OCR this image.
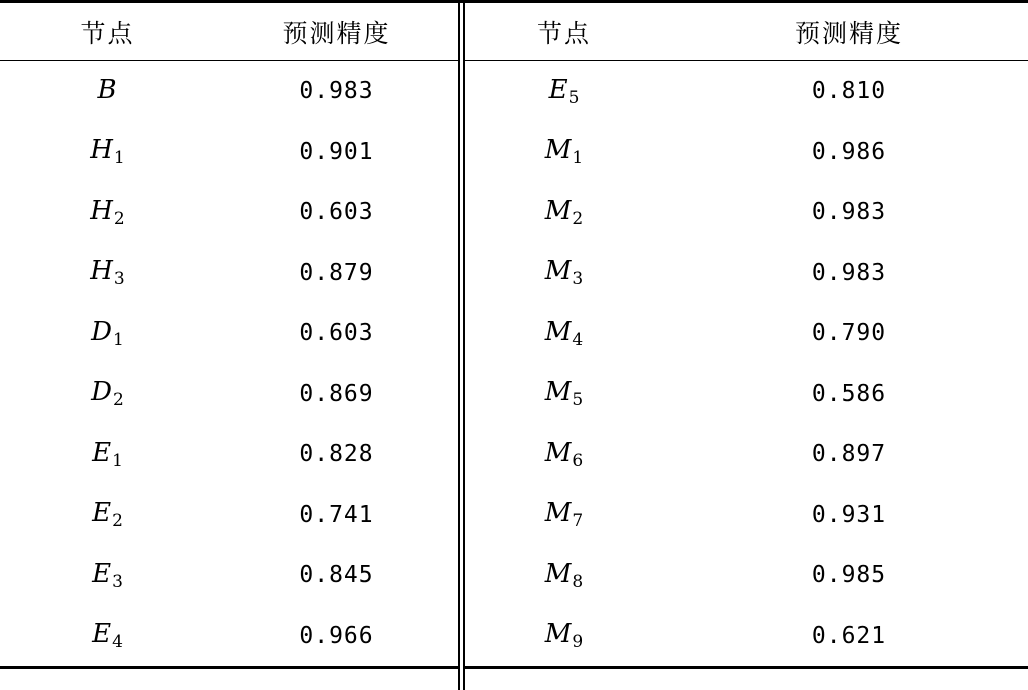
节点	预测精度		节点	预测精度

B	0.983		$E_5$	0.810
$H_1$	0.901		$M_1$	0.986
$H_2$	0.603		$M_2$	0.983
$H_3$	0.879		$M_3$	0.983
$D_1$	0.603		$M_4$	0.790
$D_2$	0.869		$M_5$	0.586
$E_1$	0.828		$M_6$	0.897
$E_2$	0.741		$M_7$	0.931
$E_3$	0.845		$M_8$	0.985
$E_4$	0.966		$M_9$	0.621
